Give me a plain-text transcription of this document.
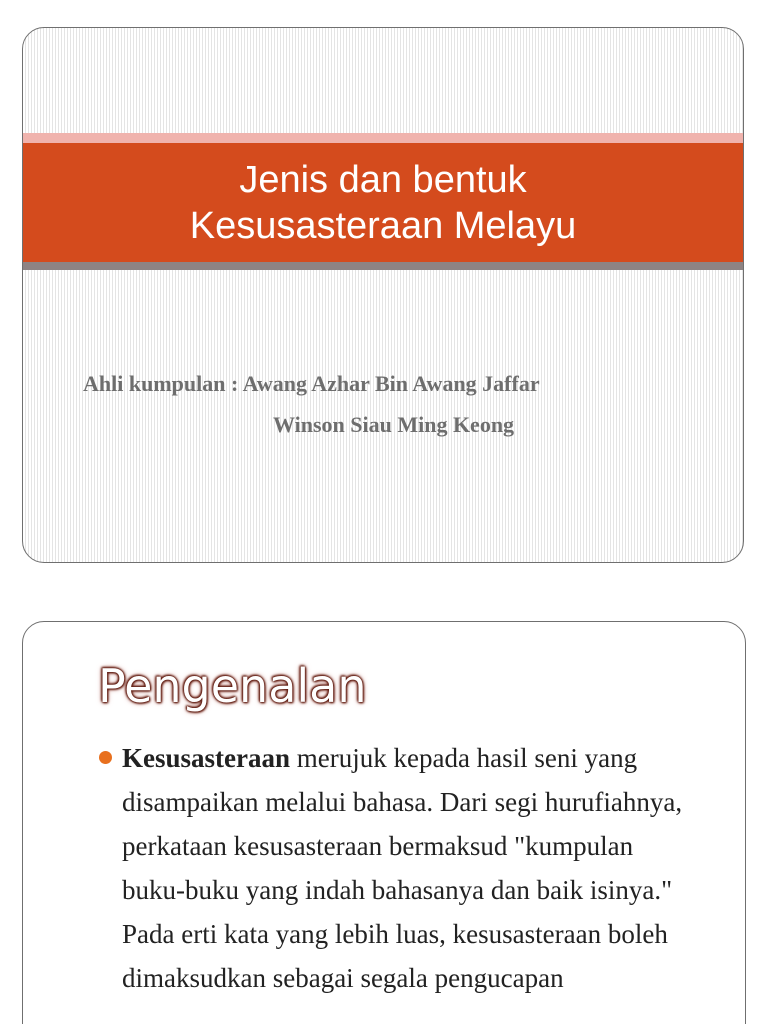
Jenis dan bentuk
Kesusasteraan Melayu
Ahli kumpulan : Awang Azhar Bin Awang Jaffar
Winson Siau Ming Keong
Pengenalan
Kesusasteraan merujuk kepada hasil seni yang disampaikan melalui bahasa. Dari segi hurufiahnya, perkataan kesusasteraan bermaksud "kumpulan buku-buku yang indah bahasanya dan baik isinya." Pada erti kata yang lebih luas, kesusasteraan boleh dimaksudkan sebagai segala pengucapan
